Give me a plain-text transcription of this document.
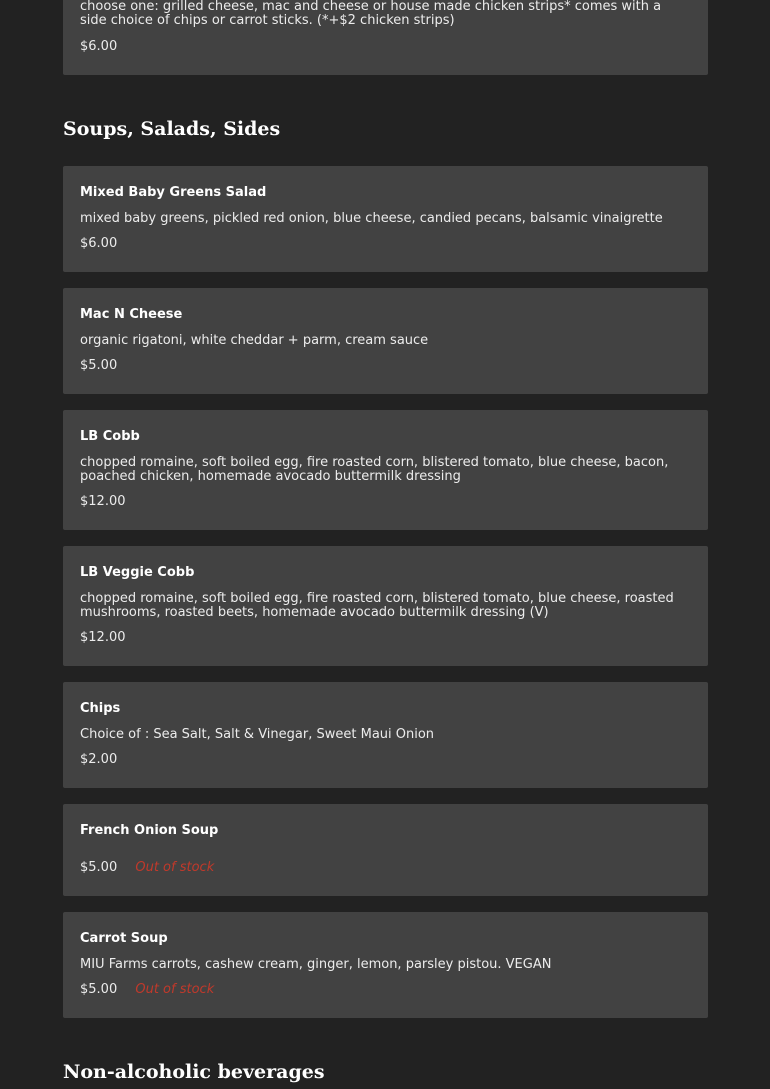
choose one: grilled cheese, mac and cheese or house made chicken strips* comes with a side choice of chips or carrot sticks. (*+$2 chicken strips)
$6.00
Soups, Salads, Sides
Mixed Baby Greens Salad
mixed baby greens, pickled red onion, blue cheese, candied pecans, balsamic vinaigrette
$6.00
Mac N Cheese
organic rigatoni, white cheddar + parm, cream sauce
$5.00
LB Cobb
chopped romaine, soft boiled egg, fire roasted corn, blistered tomato, blue cheese, bacon, poached chicken, homemade avocado buttermilk dressing
$12.00
LB Veggie Cobb
chopped romaine, soft boiled egg, fire roasted corn, blistered tomato, blue cheese, roasted mushrooms, roasted beets, homemade avocado buttermilk dressing (V)
$12.00
Chips
Choice of : Sea Salt, Salt & Vinegar, Sweet Maui Onion
$2.00
French Onion Soup
$5.00 Out of stock
Carrot Soup
MIU Farms carrots, cashew cream, ginger, lemon, parsley pistou. VEGAN
$5.00 Out of stock
Non-alcoholic beverages
